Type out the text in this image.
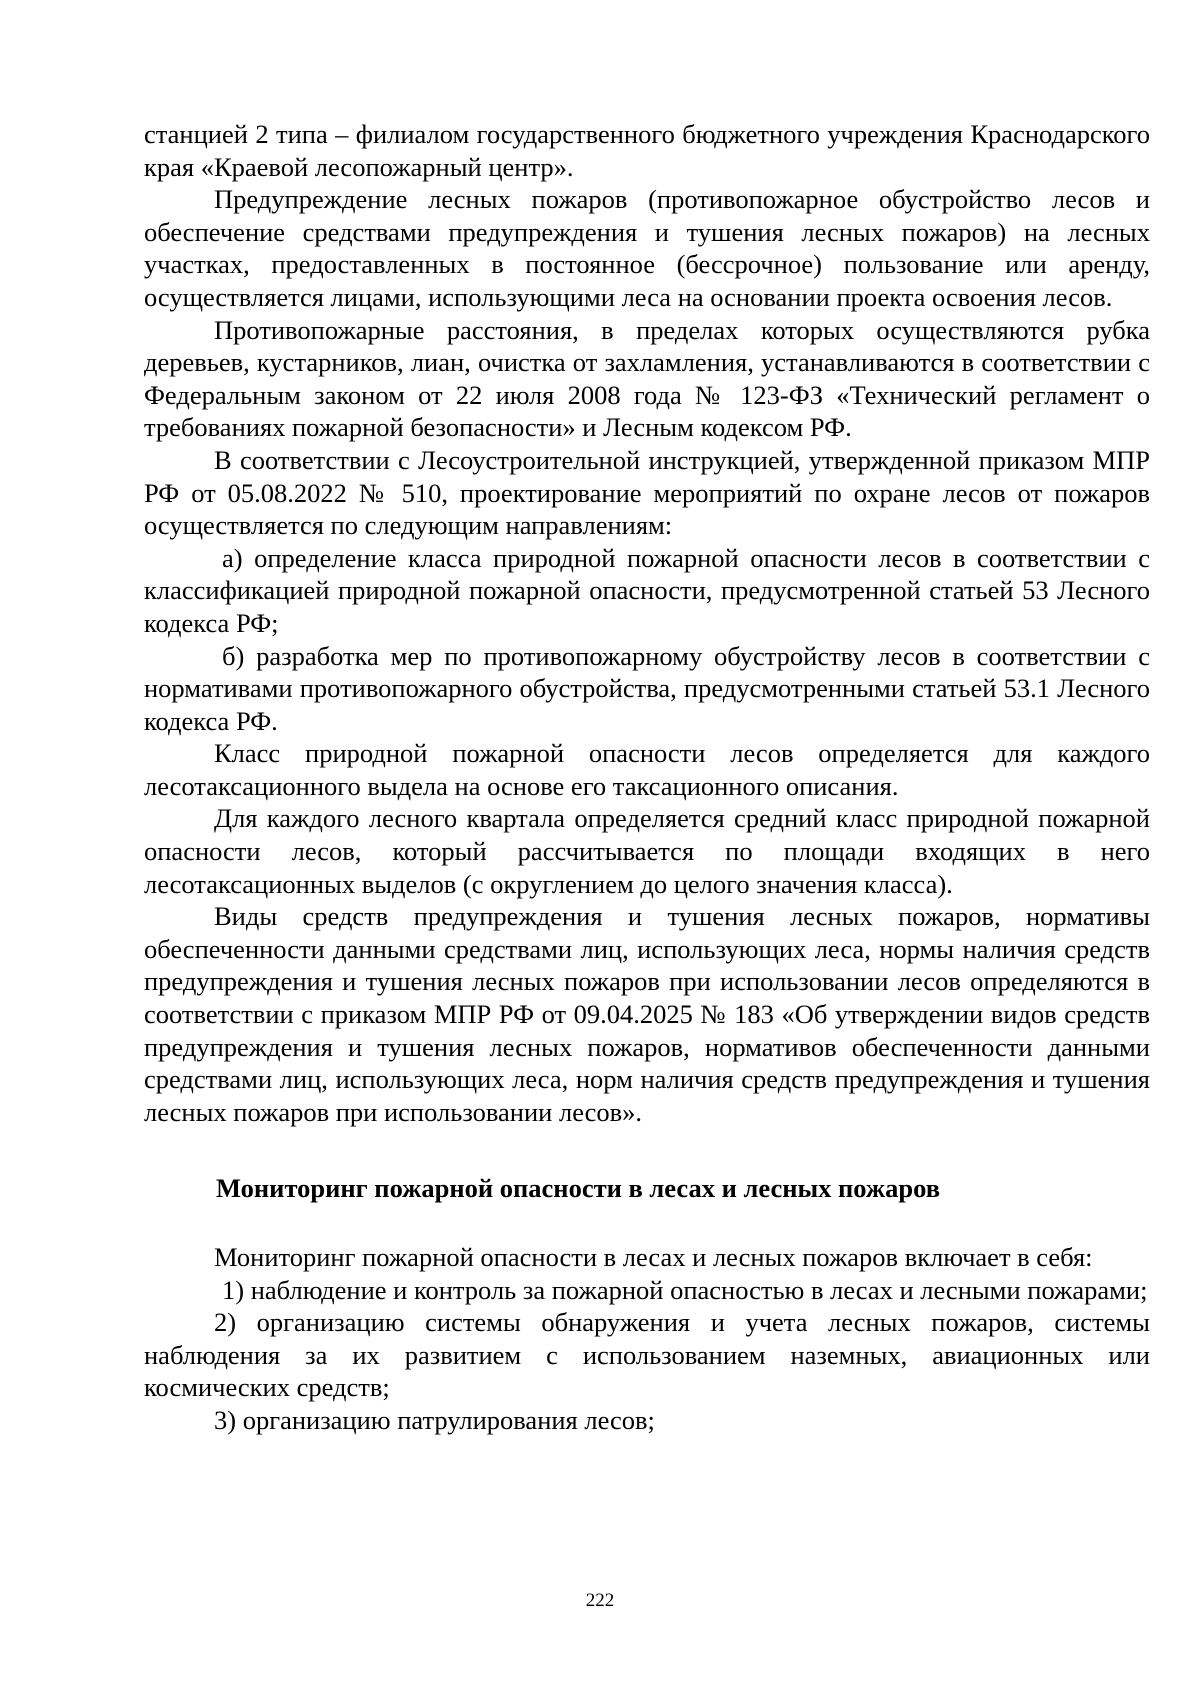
станцией 2 типа – филиалом государственного бюджетного учреждения Краснодарского края «Краевой лесопожарный центр».

Предупреждение лесных пожаров (противопожарное обустройство лесов и обеспечение средствами предупреждения и тушения лесных пожаров) на лесных участках, предоставленных в постоянное (бессрочное) пользование или аренду, осуществляется лицами, использующими леса на основании проекта освоения лесов.

Противопожарные расстояния, в пределах которых осуществляются рубка деревьев, кустарников, лиан, очистка от захламления, устанавливаются в соответствии с Федеральным законом от 22 июля 2008 года № 123-ФЗ «Технический регламент о требованиях пожарной безопасности» и Лесным кодексом РФ.

В соответствии с Лесоустроительной инструкцией, утвержденной приказом МПР РФ от 05.08.2022 № 510, проектирование мероприятий по охране лесов от пожаров осуществляется по следующим направлениям:

а) определение класса природной пожарной опасности лесов в соответствии с классификацией природной пожарной опасности, предусмотренной статьей 53 Лесного кодекса РФ;

б) разработка мер по противопожарному обустройству лесов в соответствии с нормативами противопожарного обустройства, предусмотренными статьей 53.1 Лесного кодекса РФ.

Класс природной пожарной опасности лесов определяется для каждого лесотаксационного выдела на основе его таксационного описания.

Для каждого лесного квартала определяется средний класс природной пожарной опасности лесов, который рассчитывается по площади входящих в него лесотаксационных выделов (с округлением до целого значения класса).

Виды средств предупреждения и тушения лесных пожаров, нормативы обеспеченности данными средствами лиц, использующих леса, нормы наличия средств предупреждения и тушения лесных пожаров при использовании лесов определяются в соответствии с приказом МПР РФ от 09.04.2025 № 183 «Об утверждении видов средств предупреждения и тушения лесных пожаров, нормативов обеспеченности данными средствами лиц, использующих леса, норм наличия средств предупреждения и тушения лесных пожаров при использовании лесов».

Мониторинг пожарной опасности в лесах и лесных пожаров

Мониторинг пожарной опасности в лесах и лесных пожаров включает в себя:

1) наблюдение и контроль за пожарной опасностью в лесах и лесными пожарами;

2) организацию системы обнаружения и учета лесных пожаров, системы наблюдения за их развитием с использованием наземных, авиационных или космических средств;

3) организацию патрулирования лесов;

222
